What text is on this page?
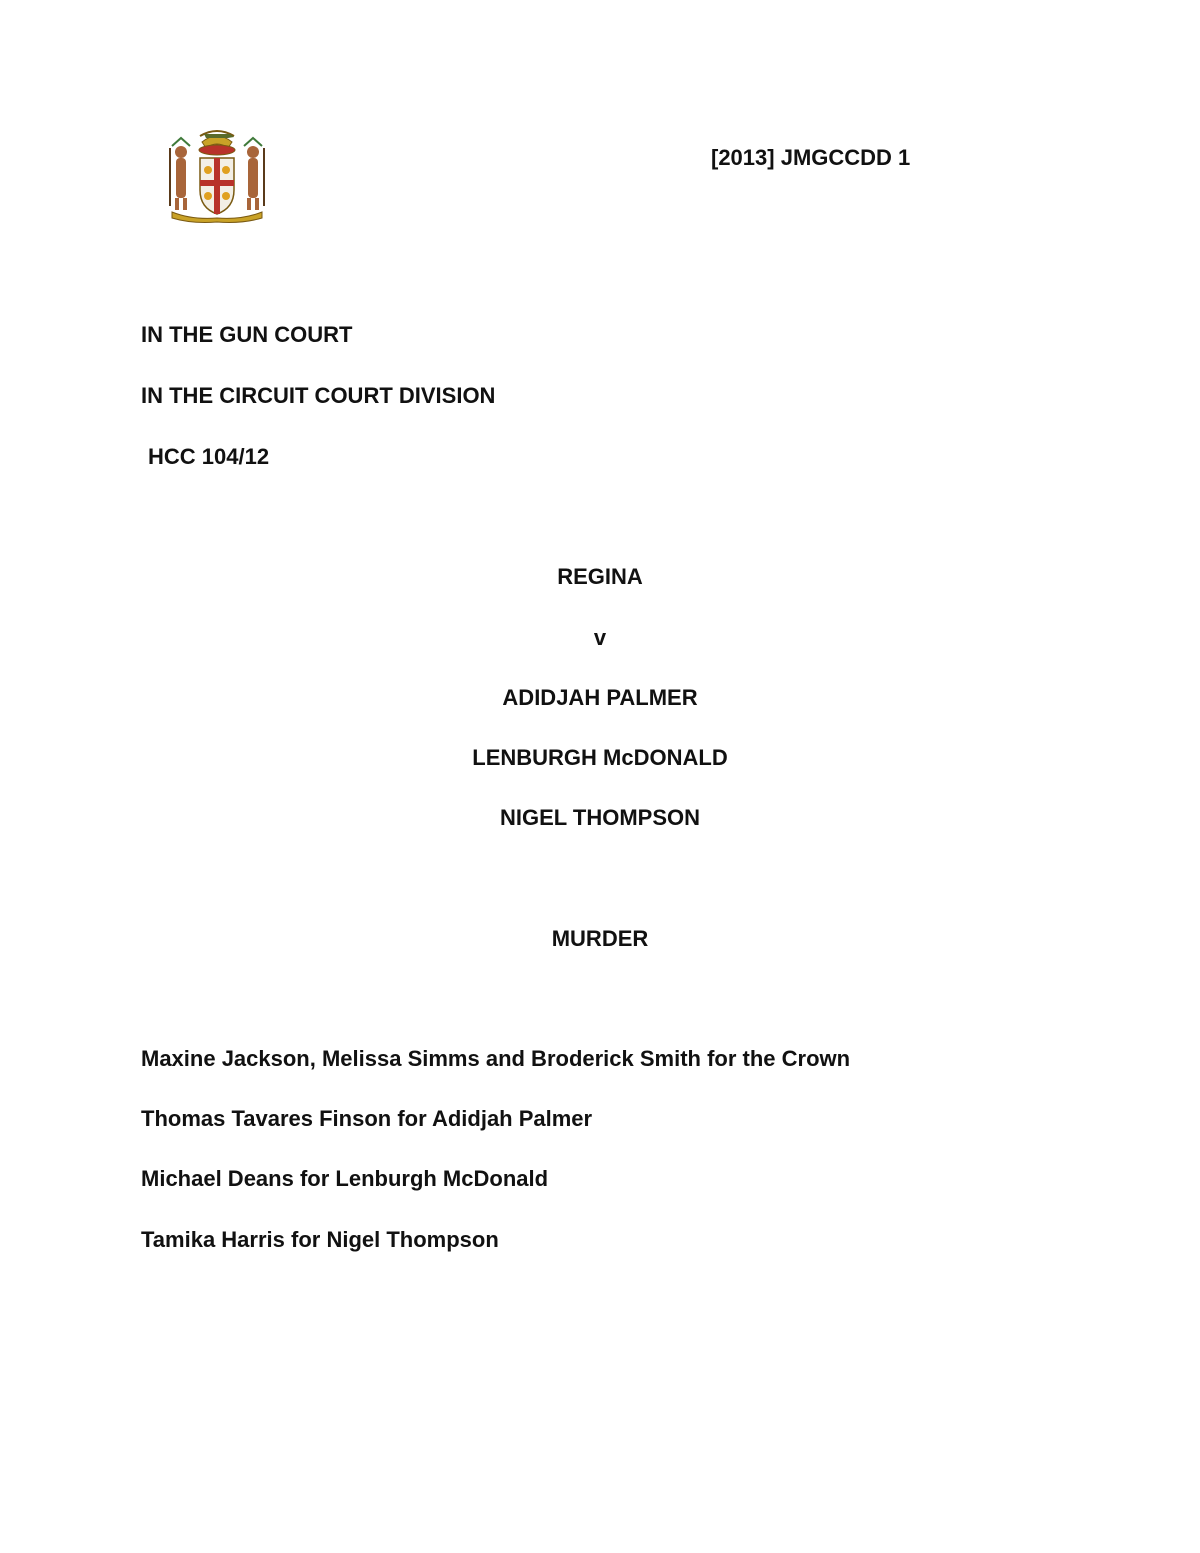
[2013] JMGCCDD 1
IN THE GUN COURT
IN THE CIRCUIT COURT DIVISION
HCC 104/12
REGINA
v
ADIDJAH PALMER
LENBURGH McDONALD
NIGEL THOMPSON
MURDER
Maxine Jackson, Melissa Simms and Broderick Smith for the Crown
Thomas Tavares Finson for Adidjah Palmer
Michael Deans for Lenburgh McDonald
Tamika Harris for Nigel Thompson
